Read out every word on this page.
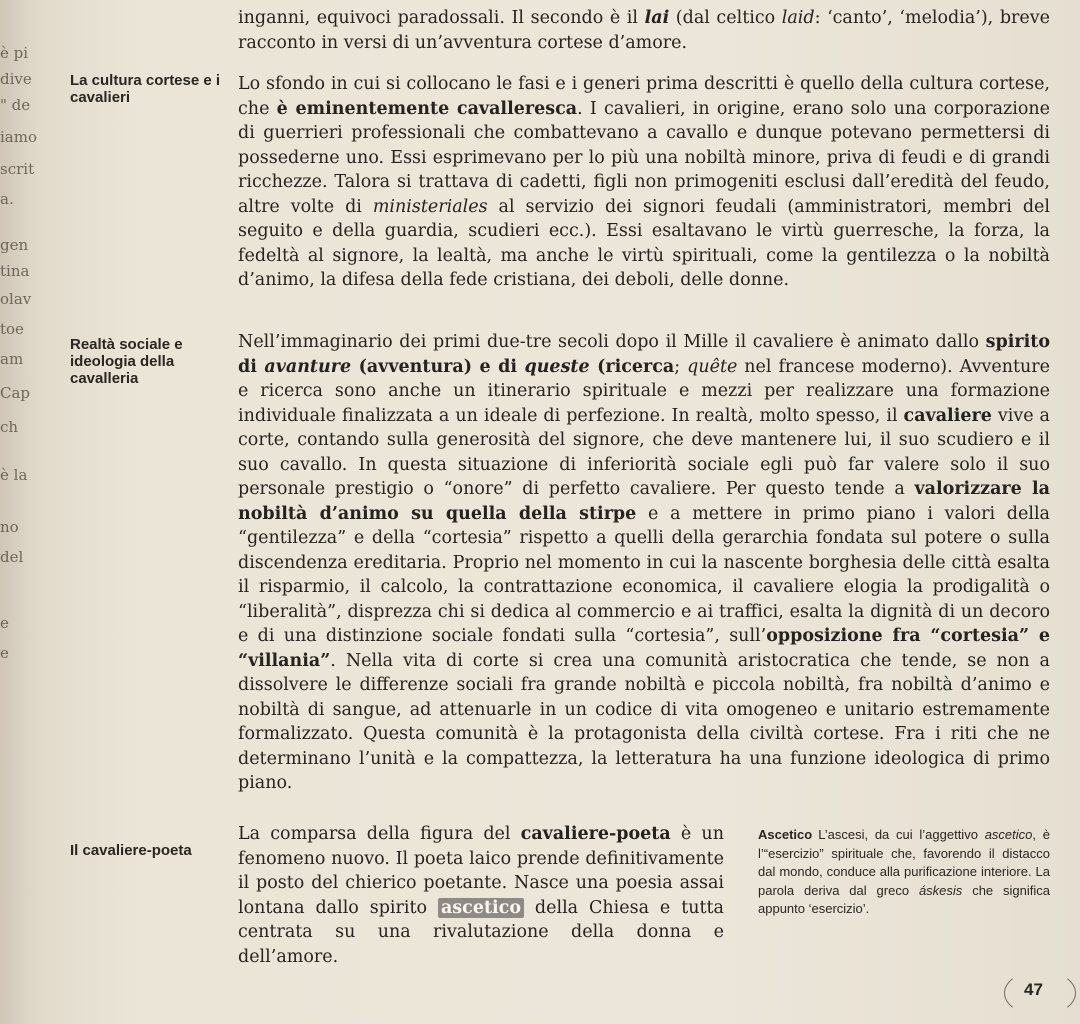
è pi
dive
" de
iamo
scrit
a.
gen
tina
olav
toe
am
Cap
ch
è la
no
del
e
e
inganni, equivoci paradossali. Il secondo è il lai (dal celtico laid: ‘canto’, ‘melodia’), breve racconto in versi di un’avventura cortese d’amore.
La cultura cortese e i cavalieri
Lo sfondo in cui si collocano le fasi e i generi prima descritti è quello della cultura cortese, che è eminentemente cavalleresca. I cavalieri, in origine, erano solo una corporazione di guerrieri professionali che combattevano a cavallo e dunque potevano permettersi di possederne uno. Essi esprimevano per lo più una nobiltà minore, priva di feudi e di grandi ricchezze. Talora si trattava di cadetti, figli non primogeniti esclusi dall’eredità del feudo, altre volte di ministeriales al servizio dei signori feudali (amministratori, membri del seguito e della guardia, scudieri ecc.). Essi esaltavano le virtù guerresche, la forza, la fedeltà al signore, la lealtà, ma anche le virtù spirituali, come la gentilezza o la nobiltà d’animo, la difesa della fede cristiana, dei deboli, delle donne.
Realtà sociale e ideologia della cavalleria
Nell’immaginario dei primi due-tre secoli dopo il Mille il cavaliere è animato dallo spirito di avanture (avventura) e di queste (ricerca; quête nel francese moderno). Avventure e ricerca sono anche un itinerario spirituale e mezzi per realizzare una formazione individuale finalizzata a un ideale di perfezione. In realtà, molto spesso, il cavaliere vive a corte, contando sulla generosità del signore, che deve mantenere lui, il suo scudiero e il suo cavallo. In questa situazione di inferiorità sociale egli può far valere solo il suo personale prestigio o “onore” di perfetto cavaliere. Per questo tende a valorizzare la nobiltà d’animo su quella della stirpe e a mettere in primo piano i valori della “gentilezza” e della “cortesia” rispetto a quelli della gerarchia fondata sul potere o sulla discendenza ereditaria. Proprio nel momento in cui la nascente borghesia delle città esalta il risparmio, il calcolo, la contrattazione economica, il cavaliere elogia la prodigalità o “liberalità”, disprezza chi si dedica al commercio e ai traffici, esalta la dignità di un decoro e di una distinzione sociale fondati sulla “cortesia”, sull’opposizione fra “cortesia” e “villania”. Nella vita di corte si crea una comunità aristocratica che tende, se non a dissolvere le differenze sociali fra grande nobiltà e piccola nobiltà, fra nobiltà d’animo e nobiltà di sangue, ad attenuarle in un codice di vita omogeneo e unitario estremamente formalizzato. Questa comunità è la protagonista della civiltà cortese. Fra i riti che ne determinano l’unità e la compattezza, la letteratura ha una funzione ideologica di primo piano.
Il cavaliere-poeta
La comparsa della figura del cavaliere-poeta è un fenomeno nuovo. Il poeta laico prende definitivamente il posto del chierico poetante. Nasce una poesia assai lontana dallo spirito ascetico della Chiesa e tutta centrata su una rivalutazione della donna e dell’amore.
Ascetico L’ascesi, da cui l’aggettivo ascetico, è l’“esercizio” spirituale che, favorendo il distacco dal mondo, conduce alla purificazione interiore. La parola deriva dal greco áskesis che significa appunto ‘esercizio’.
47
